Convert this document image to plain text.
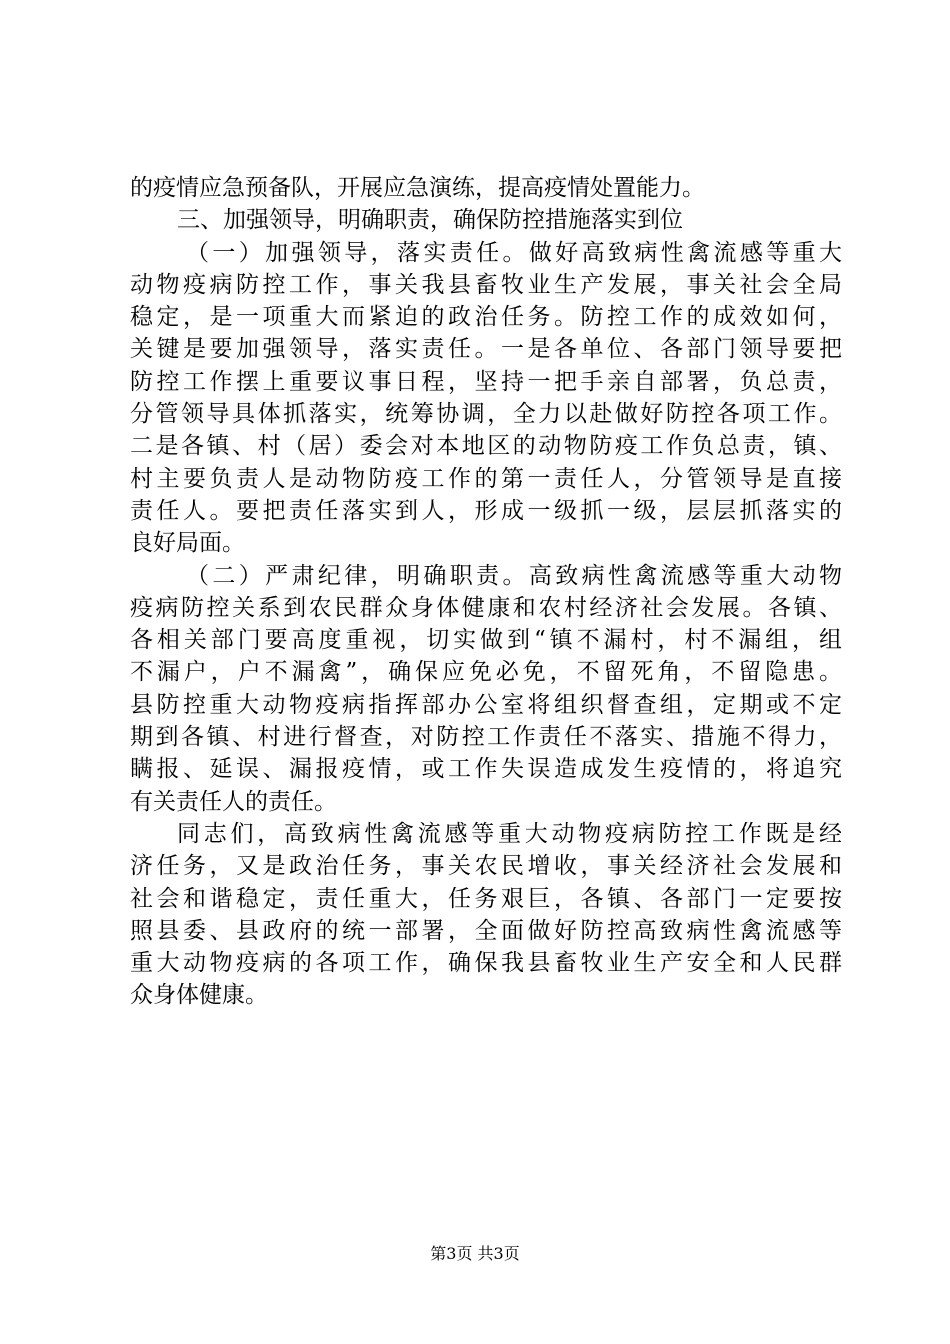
的疫情应急预备队，开展应急演练，提高疫情处置能力。
三、加强领导，明确职责，确保防控措施落实到位
（一）加强领导，落实责任。做好高致病性禽流感等重大
动物疫病防控工作，事关我县畜牧业生产发展，事关社会全局
稳定，是一项重大而紧迫的政治任务。防控工作的成效如何，
关键是要加强领导，落实责任。一是各单位、各部门领导要把
防控工作摆上重要议事日程，坚持一把手亲自部署，负总责，
分管领导具体抓落实，统筹协调，全力以赴做好防控各项工作。
二是各镇、村（居）委会对本地区的动物防疫工作负总责，镇、
村主要负责人是动物防疫工作的第一责任人，分管领导是直接
责任人。要把责任落实到人，形成一级抓一级，层层抓落实的
良好局面。
（二）严肃纪律，明确职责。高致病性禽流感等重大动物
疫病防控关系到农民群众身体健康和农村经济社会发展。各镇、
各相关部门要高度重视，切实做到“镇不漏村，村不漏组，组
不漏户，户不漏禽”，确保应免必免，不留死角，不留隐患。
县防控重大动物疫病指挥部办公室将组织督查组，定期或不定
期到各镇、村进行督查，对防控工作责任不落实、措施不得力，
瞒报、延误、漏报疫情，或工作失误造成发生疫情的，将追究
有关责任人的责任。
同志们，高致病性禽流感等重大动物疫病防控工作既是经
济任务，又是政治任务，事关农民增收，事关经济社会发展和
社会和谐稳定，责任重大，任务艰巨，各镇、各部门一定要按
照县委、县政府的统一部署，全面做好防控高致病性禽流感等
重大动物疫病的各项工作，确保我县畜牧业生产安全和人民群
众身体健康。
第3页 共3页
